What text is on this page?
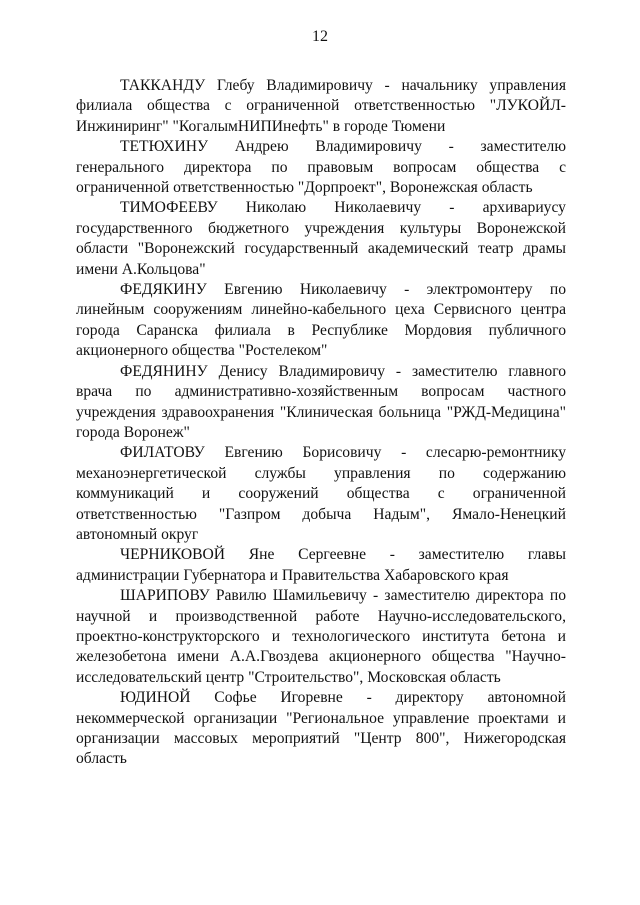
12

ТАККАНДУ Глебу Владимировичу - начальнику управления филиала общества с ограниченной ответственностью "ЛУКОЙЛ-Инжиниринг" "КогалымНИПИнефть" в городе Тюмени

ТЕТЮХИНУ Андрею Владимировичу - заместителю генерального директора по правовым вопросам общества с ограниченной ответственностью "Дорпроект", Воронежская область

ТИМОФЕЕВУ Николаю Николаевичу - архивариусу государственного бюджетного учреждения культуры Воронежской области "Воронежский государственный академический театр драмы имени А.Кольцова"

ФЕДЯКИНУ Евгению Николаевичу - электромонтеру по линейным сооружениям линейно-кабельного цеха Сервисного центра города Саранска филиала в Республике Мордовия публичного акционерного общества "Ростелеком"

ФЕДЯНИНУ Денису Владимировичу - заместителю главного врача по административно-хозяйственным вопросам частного учреждения здравоохранения "Клиническая больница "РЖД-Медицина" города Воронеж"

ФИЛАТОВУ Евгению Борисовичу - слесарю-ремонтнику механоэнергетической службы управления по содержанию коммуникаций и сооружений общества с ограниченной ответственностью "Газпром добыча Надым", Ямало-Ненецкий автономный округ

ЧЕРНИКОВОЙ Яне Сергеевне - заместителю главы администрации Губернатора и Правительства Хабаровского края

ШАРИПОВУ Равилю Шамильевичу - заместителю директора по научной и производственной работе Научно-исследовательского, проектно-конструкторского и технологического института бетона и железобетона имени А.А.Гвоздева акционерного общества "Научно-исследовательский центр "Строительство", Московская область

ЮДИНОЙ Софье Игоревне - директору автономной некоммерческой организации "Региональное управление проектами и организации массовых мероприятий "Центр 800", Нижегородская область
